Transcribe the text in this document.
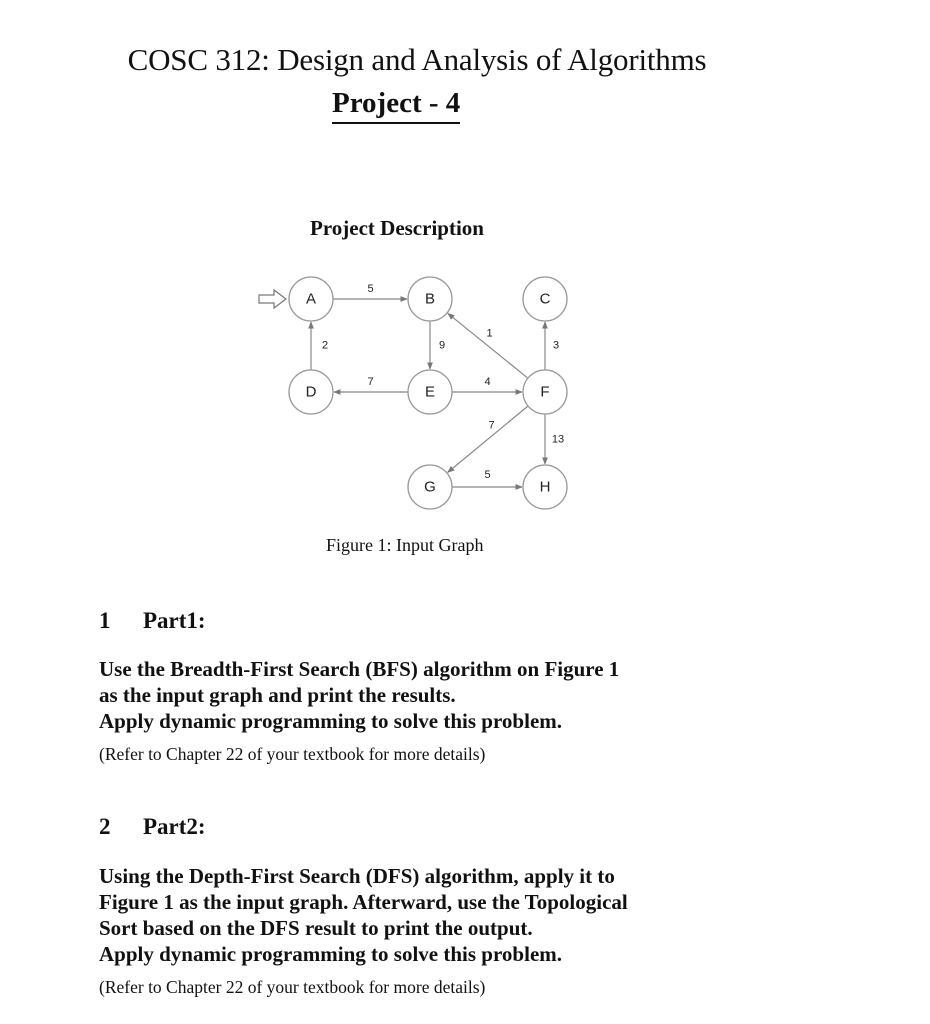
COSC 312: Design and Analysis of Algorithms
Project - 4
Project Description
5
2	9
7	4
1
3
7
13
5
A	B	C
D	E	F
G	H
Figure 1: Input Graph
1 Part1:
Use the Breadth-First Search (BFS) algorithm on Figure 1
as the input graph and print the results.
Apply dynamic programming to solve this problem.
(Refer to Chapter 22 of your textbook for more details)
2 Part2:
Using the Depth-First Search (DFS) algorithm, apply it to
Figure 1 as the input graph. Afterward, use the Topological
Sort based on the DFS result to print the output.
Apply dynamic programming to solve this problem.
(Refer to Chapter 22 of your textbook for more details)
